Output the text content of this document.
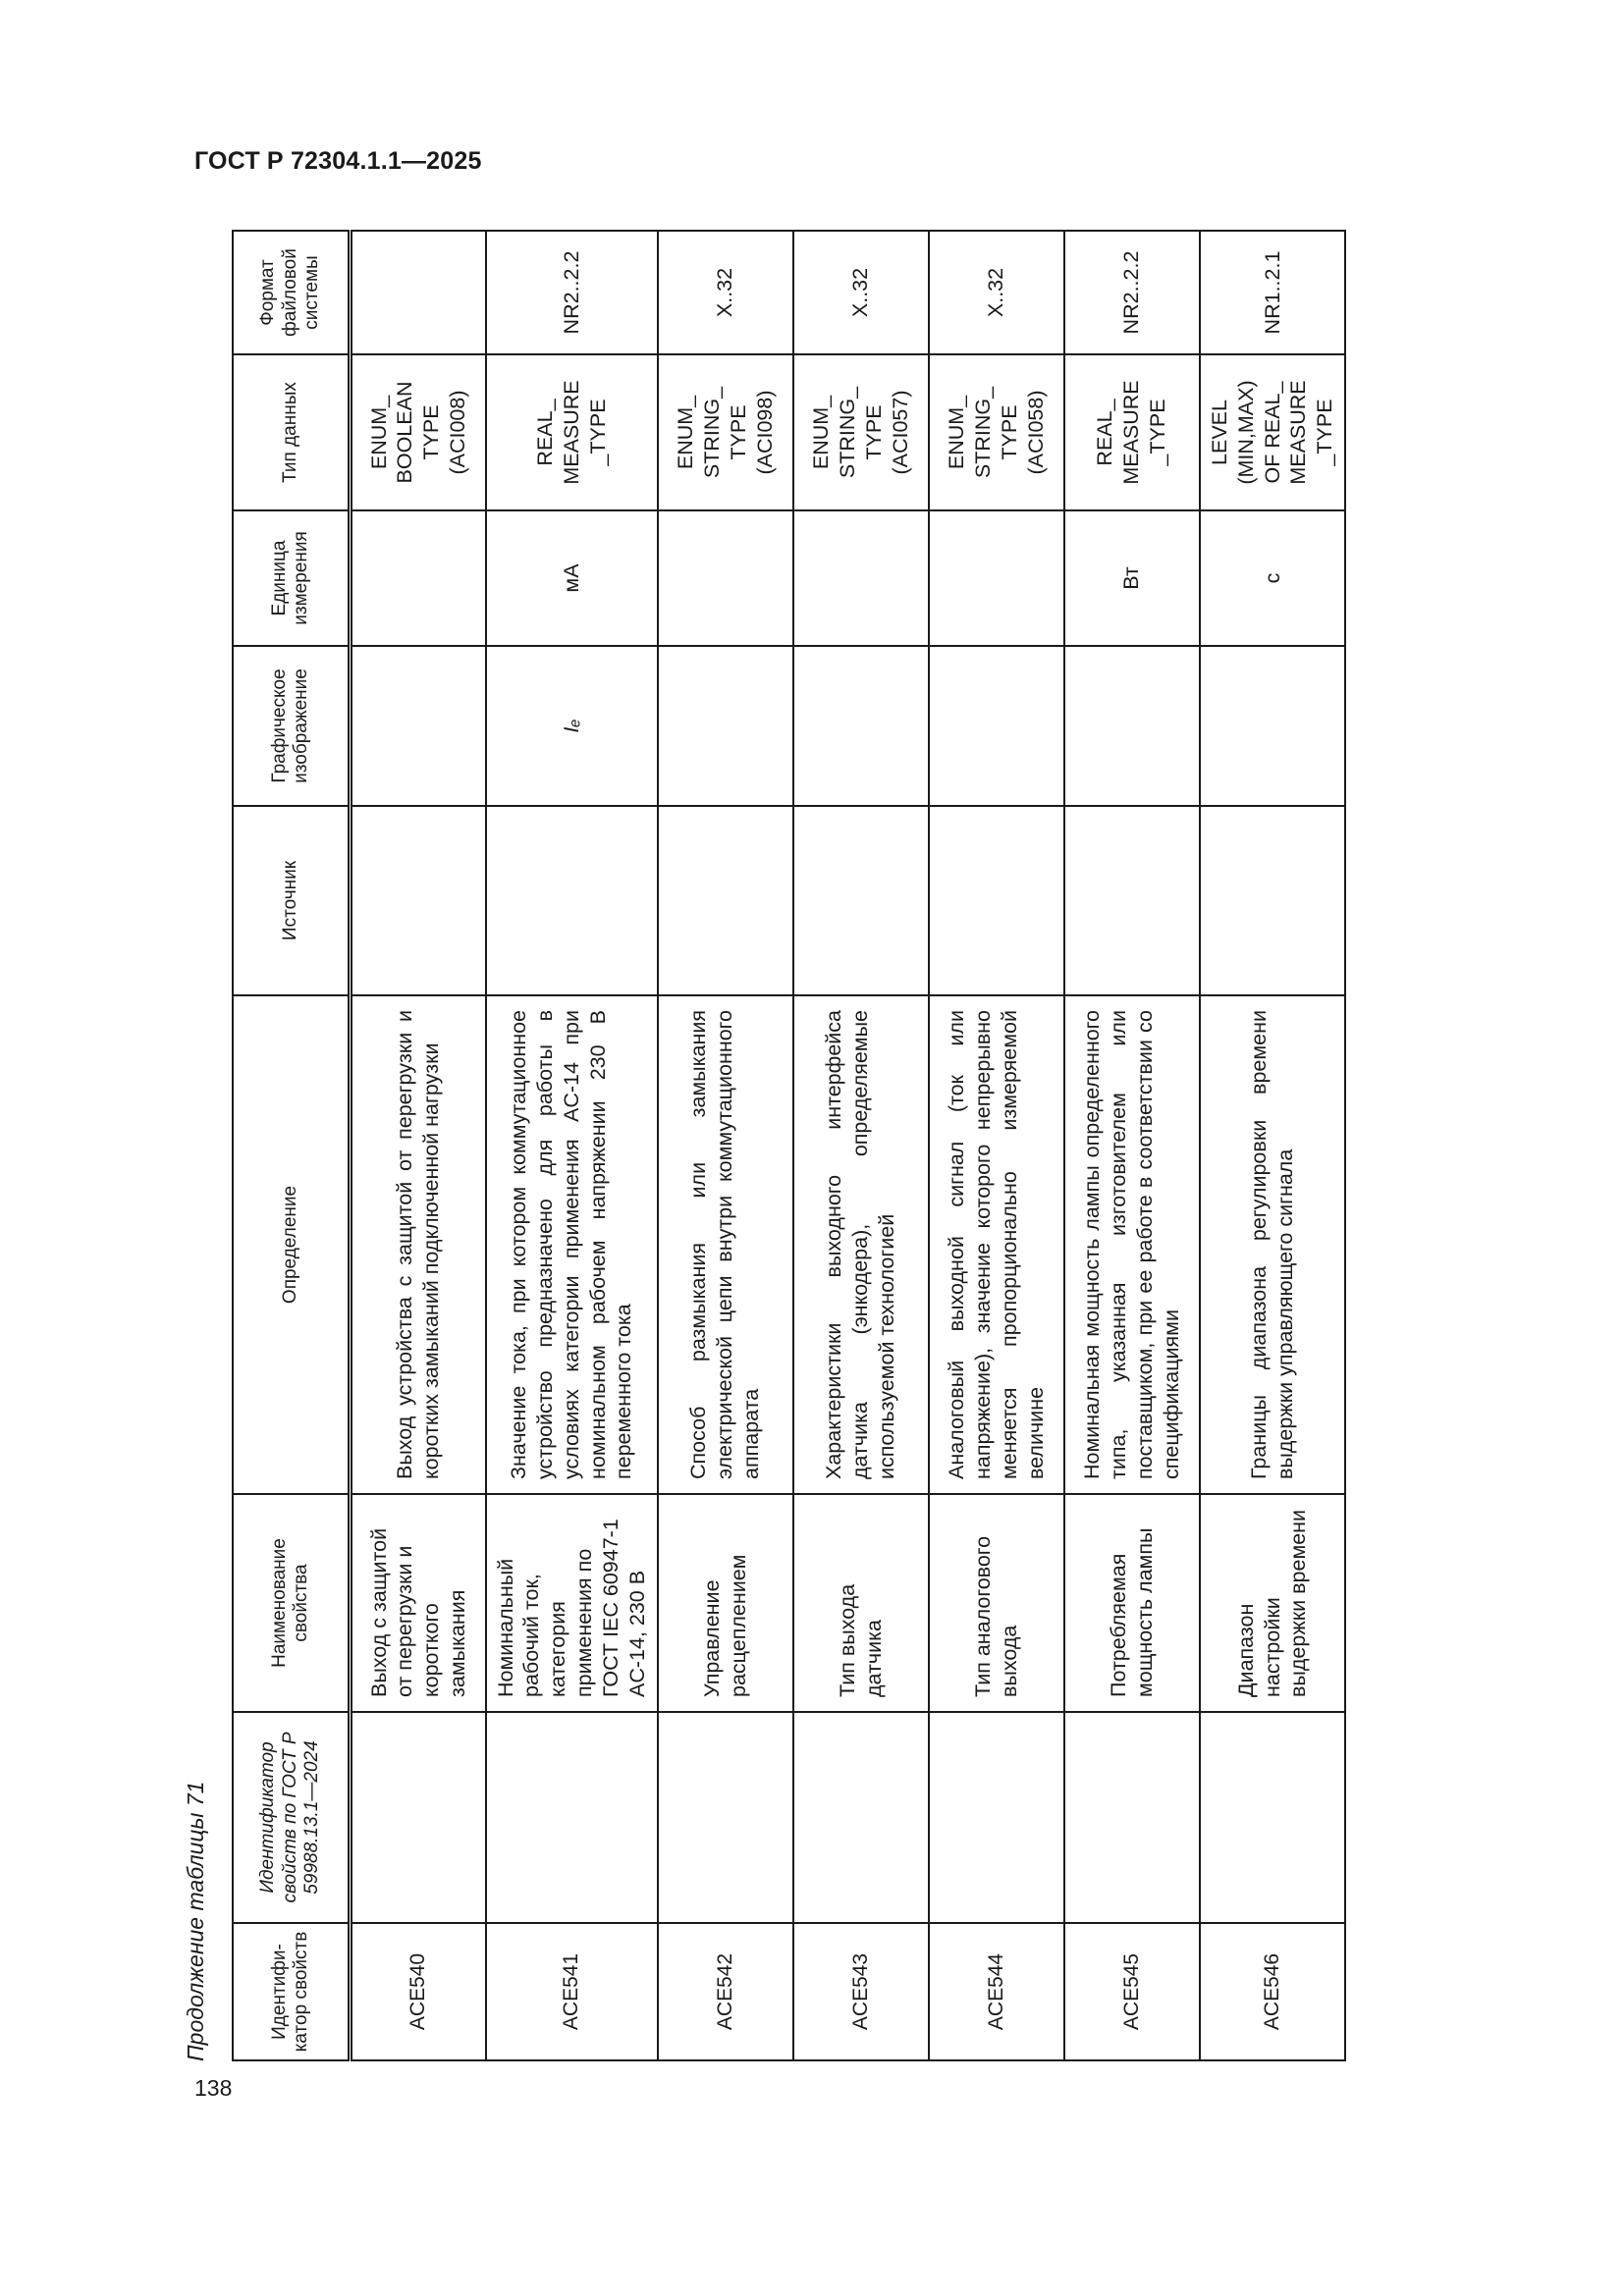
ГОСТ Р 72304.1.1—2025
Продолжение таблицы 71	Идентифи-катор свойств	Идентификатор свойств по ГОСТ Р 59988.13.1—2024	Наименование свойства	Определение	Источник	Графическое изображение	Единица измерения	Тип данных	Формат файловой системы
ACE540		Выход с защитой от перегрузки и короткого замыкания	Выход устройства с защитой от перегрузки и коротких замыканий подключенной нагрузки				ENUM_ BOOLEAN TYPE (ACI008)	
ACE541		Номинальный рабочий ток, категория применения по ГОСТ IEC 60947-1 AC-14, 230 В	Значение тока, при котором коммутационное устройство предназначено для работы в условиях категории применения AC-14 при номинальном рабочем напряжении 230 В переменного тока		Iₑ	мА	REAL_ MEASURE _TYPE	NR2..2.2
ACE542		Управление расцеплением	Способ размыкания или замыкания электрической цепи внутри коммутационного аппарата				ENUM_ STRING_ TYPE (ACI098)	X..32
ACE543		Тип выхода датчика	Характеристики выходного интерфейса датчика (энкодера), определяемые используемой технологией				ENUM_ STRING_ TYPE (ACI057)	X..32
ACE544		Тип аналогового выхода	Аналоговый выходной сигнал (ток или напряжение), значение которого непрерывно меняется пропорционально измеряемой величине				ENUM_ STRING_ TYPE (ACI058)	X..32
ACE545		Потребляемая мощность лампы	Номинальная мощность лампы определенного типа, указанная изготовителем или поставщиком, при ее работе в соответствии со спецификациями			Вт	REAL_ MEASURE _TYPE	NR2..2.2
ACE546		Диапазон настройки выдержки времени	Границы диапазона регулировки времени выдержки управляющего сигнала			с	LEVEL (MIN,MAX) OF REAL_ MEASURE _TYPE	NR1..2.1
138
